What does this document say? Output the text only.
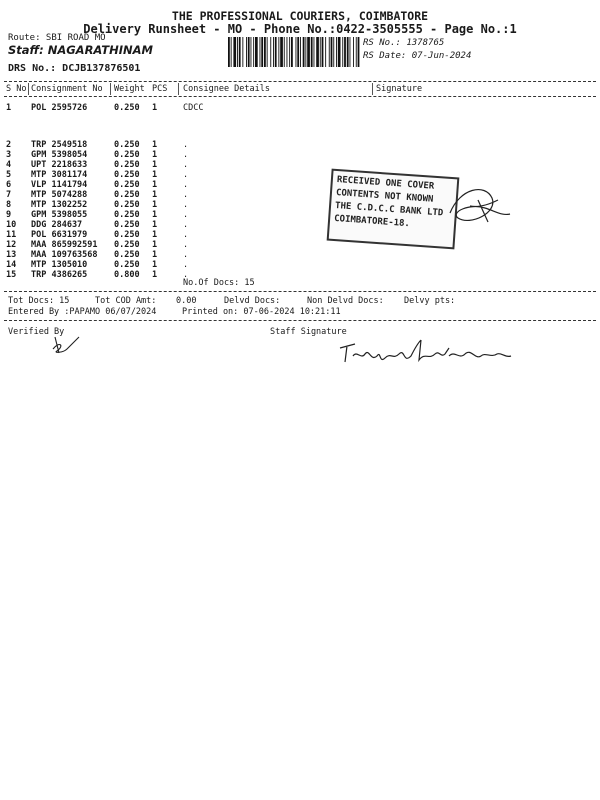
THE PROFESSIONAL COURIERS, COIMBATORE
Delivery Runsheet - MO - Phone No.:0422-3505555 - Page No.:1
Route: SBI ROAD MO
Staff: NAGARATHINAM
DRS No.: DCJB137876501
RS No.: 1378765
RS Date: 07-Jun-2024
S No Consignment No Weight PCS Consignee Details	Signature
1 POL 2595726	0.250 1	CDCC
2 TRP 2549518	0.250 1	.
3 GPM 5398054	0.250 1	.
4 UPT 2218633	0.250 1	.
5 MTP 3081174	0.250 1	.
6 VLP 1141794	0.250 1	.
7 MTP 5074288	0.250 1	.
8 MTP 1302252	0.250 1	.
9 GPM 5398055	0.250 1	.
10 DDG 284637	0.250 1	.
11 POL 6631979	0.250 1	.
12 MAA 865992591 0.250 1	.
13 MAA 109763568 0.250 1	.
14 MTP 1305010	0.250 1	.
15 TRP 4386265	0.800 1	.
No.Of Docs: 15
RECEIVED ONE COVER
CONTENTS NOT KNOWN
THE C.D.C.C BANK LTD
COIMBATORE-18.
Tot Docs: 15	Tot COD Amt: 0.00	Delvd Docs:	Non Delvd Docs: Delvy pts:
Entered By :PAPAMO 06/07/2024	Printed on: 07-06-2024 10:21:11
Verified By	Staff Signature
